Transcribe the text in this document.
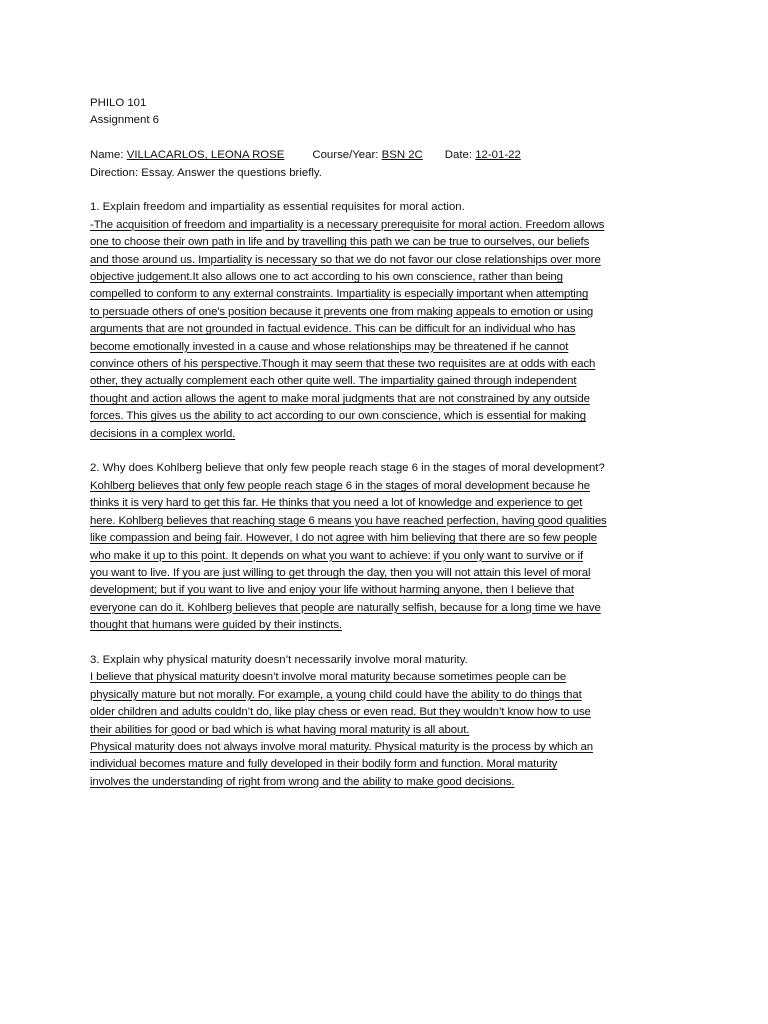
PHILO 101
Assignment 6
Name: VILLACARLOS, LEONA ROSE Course/Year: BSN 2C Date: 12-01-22
Direction: Essay. Answer the questions briefly.
1. Explain freedom and impartiality as essential requisites for moral action.
-The acquisition of freedom and impartiality is a necessary prerequisite for moral action. Freedom allows
one to choose their own path in life and by travelling this path we can be true to ourselves, our beliefs
and those around us. Impartiality is necessary so that we do not favor our close relationships over more
objective judgement.It also allows one to act according to his own conscience, rather than being
compelled to conform to any external constraints. Impartiality is especially important when attempting
to persuade others of one's position because it prevents one from making appeals to emotion or using
arguments that are not grounded in factual evidence. This can be difficult for an individual who has
become emotionally invested in a cause and whose relationships may be threatened if he cannot
convince others of his perspective.Though it may seem that these two requisites are at odds with each
other, they actually complement each other quite well. The impartiality gained through independent
thought and action allows the agent to make moral judgments that are not constrained by any outside
forces. This gives us the ability to act according to our own conscience, which is essential for making
decisions in a complex world.
2. Why does Kohlberg believe that only few people reach stage 6 in the stages of moral development?
Kohlberg believes that only few people reach stage 6 in the stages of moral development because he
thinks it is very hard to get this far. He thinks that you need a lot of knowledge and experience to get
here. Kohlberg believes that reaching stage 6 means you have reached perfection, having good qualities
like compassion and being fair. However, I do not agree with him believing that there are so few people
who make it up to this point. It depends on what you want to achieve: if you only want to survive or if
you want to live. If you are just willing to get through the day, then you will not attain this level of moral
development; but if you want to live and enjoy your life without harming anyone, then I believe that
everyone can do it. Kohlberg believes that people are naturally selfish, because for a long time we have
thought that humans were guided by their instincts.
3. Explain why physical maturity doesn’t necessarily involve moral maturity.
I believe that physical maturity doesn’t involve moral maturity because sometimes people can be
physically mature but not morally. For example, a young child could have the ability to do things that
older children and adults couldn’t do, like play chess or even read. But they wouldn’t know how to use
their abilities for good or bad which is what having moral maturity is all about.
Physical maturity does not always involve moral maturity. Physical maturity is the process by which an
individual becomes mature and fully developed in their bodily form and function. Moral maturity
involves the understanding of right from wrong and the ability to make good decisions.
